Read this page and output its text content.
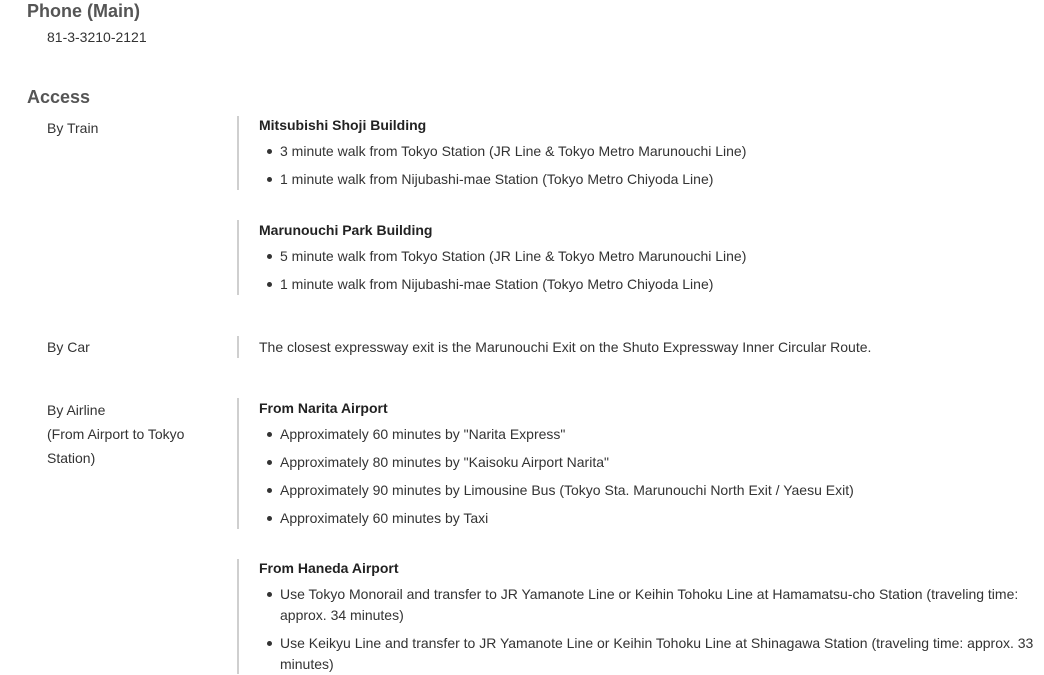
Phone (Main)
81-3-3210-2121
Access
By Train	Mitsubishi Shoji Building
3 minute walk from Tokyo Station (JR Line & Tokyo Metro Marunouchi Line)
1 minute walk from Nijubashi-mae Station (Tokyo Metro Chiyoda Line)
Marunouchi Park Building
5 minute walk from Tokyo Station (JR Line & Tokyo Metro Marunouchi Line)
1 minute walk from Nijubashi-mae Station (Tokyo Metro Chiyoda Line)
By Car	The closest expressway exit is the Marunouchi Exit on the Shuto Expressway Inner Circular Route.
By Airline
(From Airport to Tokyo
Station)
From Narita Airport
Approximately 60 minutes by "Narita Express"
Approximately 80 minutes by "Kaisoku Airport Narita"
Approximately 90 minutes by Limousine Bus (Tokyo Sta. Marunouchi North Exit / Yaesu Exit)
Approximately 60 minutes by Taxi
From Haneda Airport
Use Tokyo Monorail and transfer to JR Yamanote Line or Keihin Tohoku Line at Hamamatsu-cho Station (traveling time: approx. 34 minutes)
Use Keikyu Line and transfer to JR Yamanote Line or Keihin Tohoku Line at Shinagawa Station (traveling time: approx. 33 minutes)
